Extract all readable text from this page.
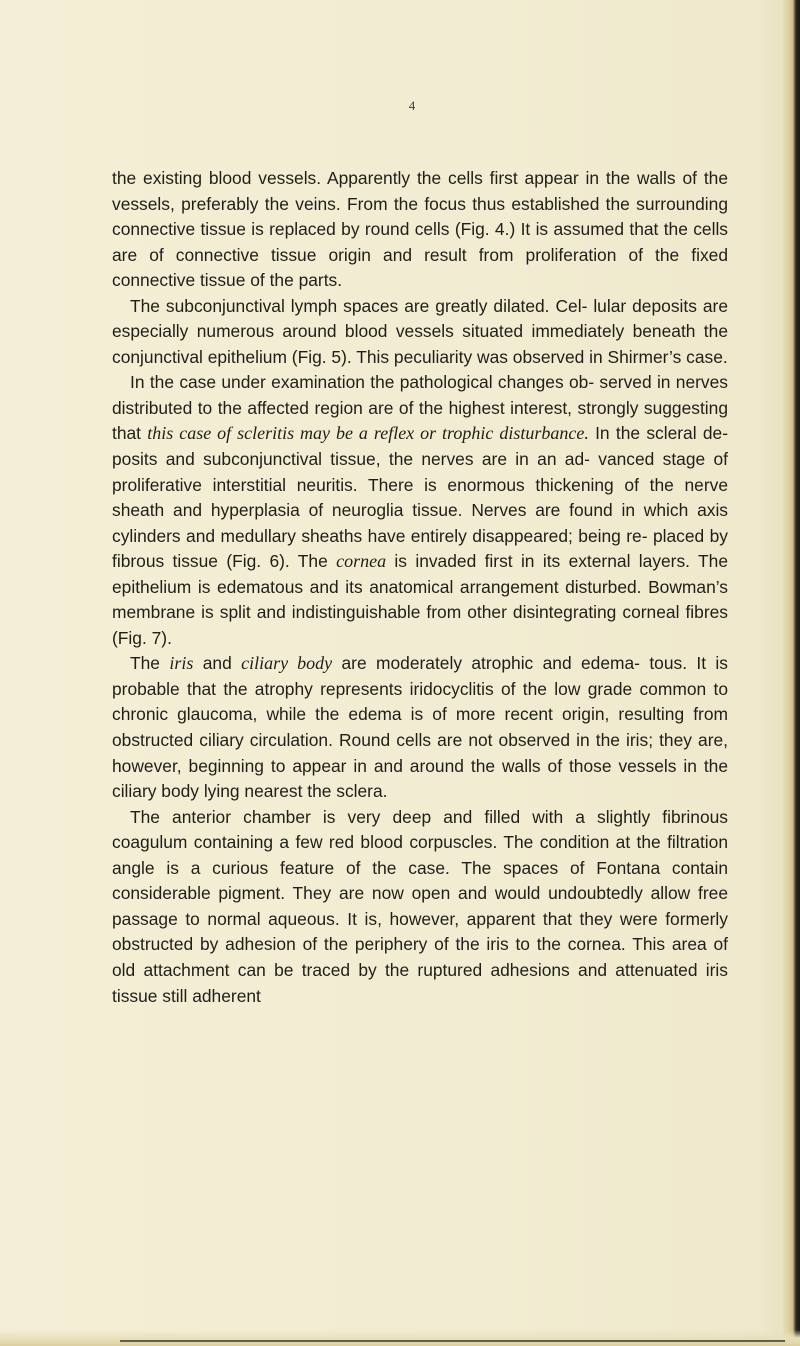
4

the existing blood vessels. Apparently the cells first appear in the walls of the vessels, preferably the veins. From the focus thus established the surrounding connective tissue is replaced by round cells (Fig. 4.) It is assumed that the cells are of connective tissue origin and result from proliferation of the fixed connective tissue of the parts.

The subconjunctival lymph spaces are greatly dilated. Cel- lular deposits are especially numerous around blood vessels situated immediately beneath the conjunctival epithelium (Fig. 5). This peculiarity was observed in Shirmer’s case.

In the case under examination the pathological changes ob- served in nerves distributed to the affected region are of the highest interest, strongly suggesting that this case of scleritis may be a reflex or trophic disturbance. In the scleral de- posits and subconjunctival tissue, the nerves are in an ad- vanced stage of proliferative interstitial neuritis. There is enormous thickening of the nerve sheath and hyperplasia of neuroglia tissue. Nerves are found in which axis cylinders and medullary sheaths have entirely disappeared; being re- placed by fibrous tissue (Fig. 6). The cornea is invaded first in its external layers. The epithelium is edematous and its anatomical arrangement disturbed. Bowman’s membrane is split and indistinguishable from other disintegrating corneal fibres (Fig. 7).

The iris and ciliary body are moderately atrophic and edema- tous. It is probable that the atrophy represents iridocyclitis of the low grade common to chronic glaucoma, while the edema is of more recent origin, resulting from obstructed ciliary circulation. Round cells are not observed in the iris; they are, however, beginning to appear in and around the walls of those vessels in the ciliary body lying nearest the sclera.

The anterior chamber is very deep and filled with a slightly fibrinous coagulum containing a few red blood corpuscles. The condition at the filtration angle is a curious feature of the case. The spaces of Fontana contain considerable pigment. They are now open and would undoubtedly allow free passage to normal aqueous. It is, however, apparent that they were formerly obstructed by adhesion of the periphery of the iris to the cornea. This area of old attachment can be traced by the ruptured adhesions and attenuated iris tissue still adherent
